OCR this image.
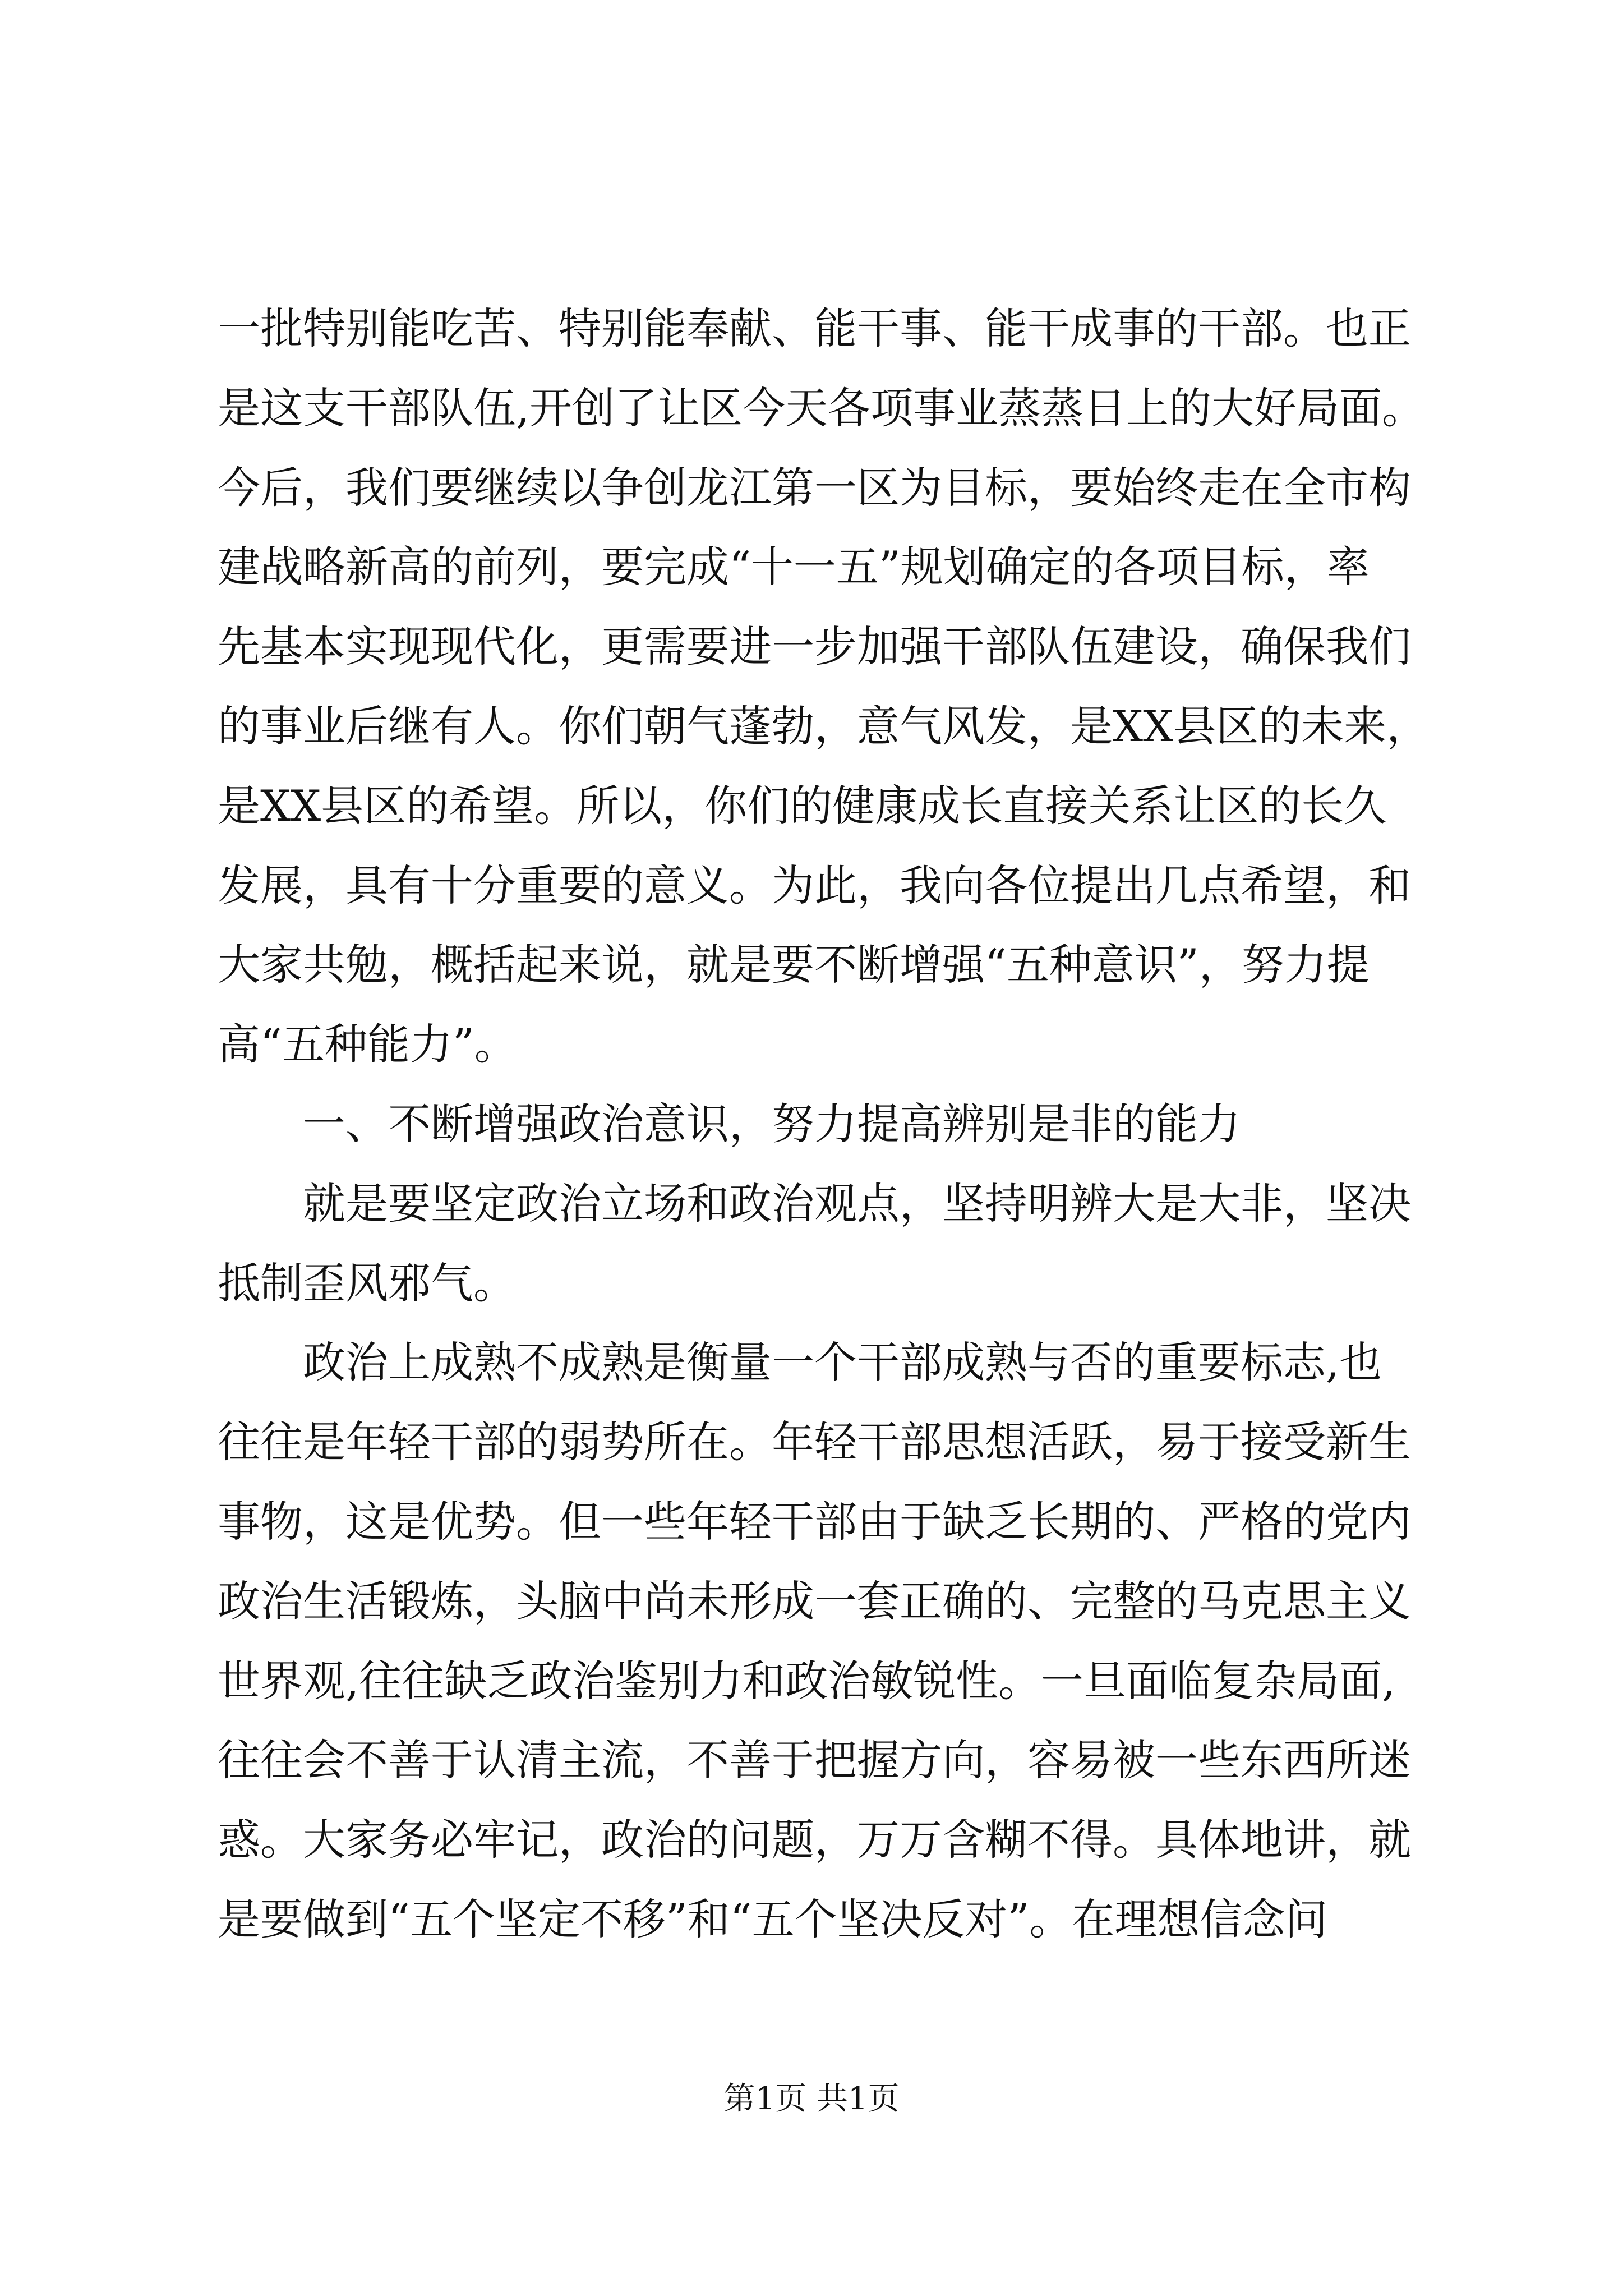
一批特别能吃苦、特别能奉献、能干事、能干成事的干部。也正
是这支干部队伍,开创了让区今天各项事业蒸蒸日上的大好局面。
今后，我们要继续以争创龙江第一区为目标，要始终走在全市构
建战略新高的前列，要完成“十一五”规划确定的各项目标，率
先基本实现现代化，更需要进一步加强干部队伍建设，确保我们
的事业后继有人。你们朝气蓬勃，意气风发，是XX县区的未来，
是XX县区的希望。所以，你们的健康成长直接关系让区的长久
发展，具有十分重要的意义。为此，我向各位提出几点希望，和
大家共勉，概括起来说，就是要不断增强“五种意识”，努力提
高“五种能力”。
一、不断增强政治意识，努力提高辨别是非的能力
就是要坚定政治立场和政治观点，坚持明辨大是大非，坚决
抵制歪风邪气。
政治上成熟不成熟是衡量一个干部成熟与否的重要标志,也
往往是年轻干部的弱势所在。年轻干部思想活跃，易于接受新生
事物，这是优势。但一些年轻干部由于缺乏长期的、严格的党内
政治生活锻炼，头脑中尚未形成一套正确的、完整的马克思主义
世界观,往往缺乏政治鉴别力和政治敏锐性。一旦面临复杂局面,
往往会不善于认清主流，不善于把握方向，容易被一些东西所迷
惑。大家务必牢记，政治的问题，万万含糊不得。具体地讲，就
是要做到“五个坚定不移”和“五个坚决反对”。在理想信念问
第1页 共1页
